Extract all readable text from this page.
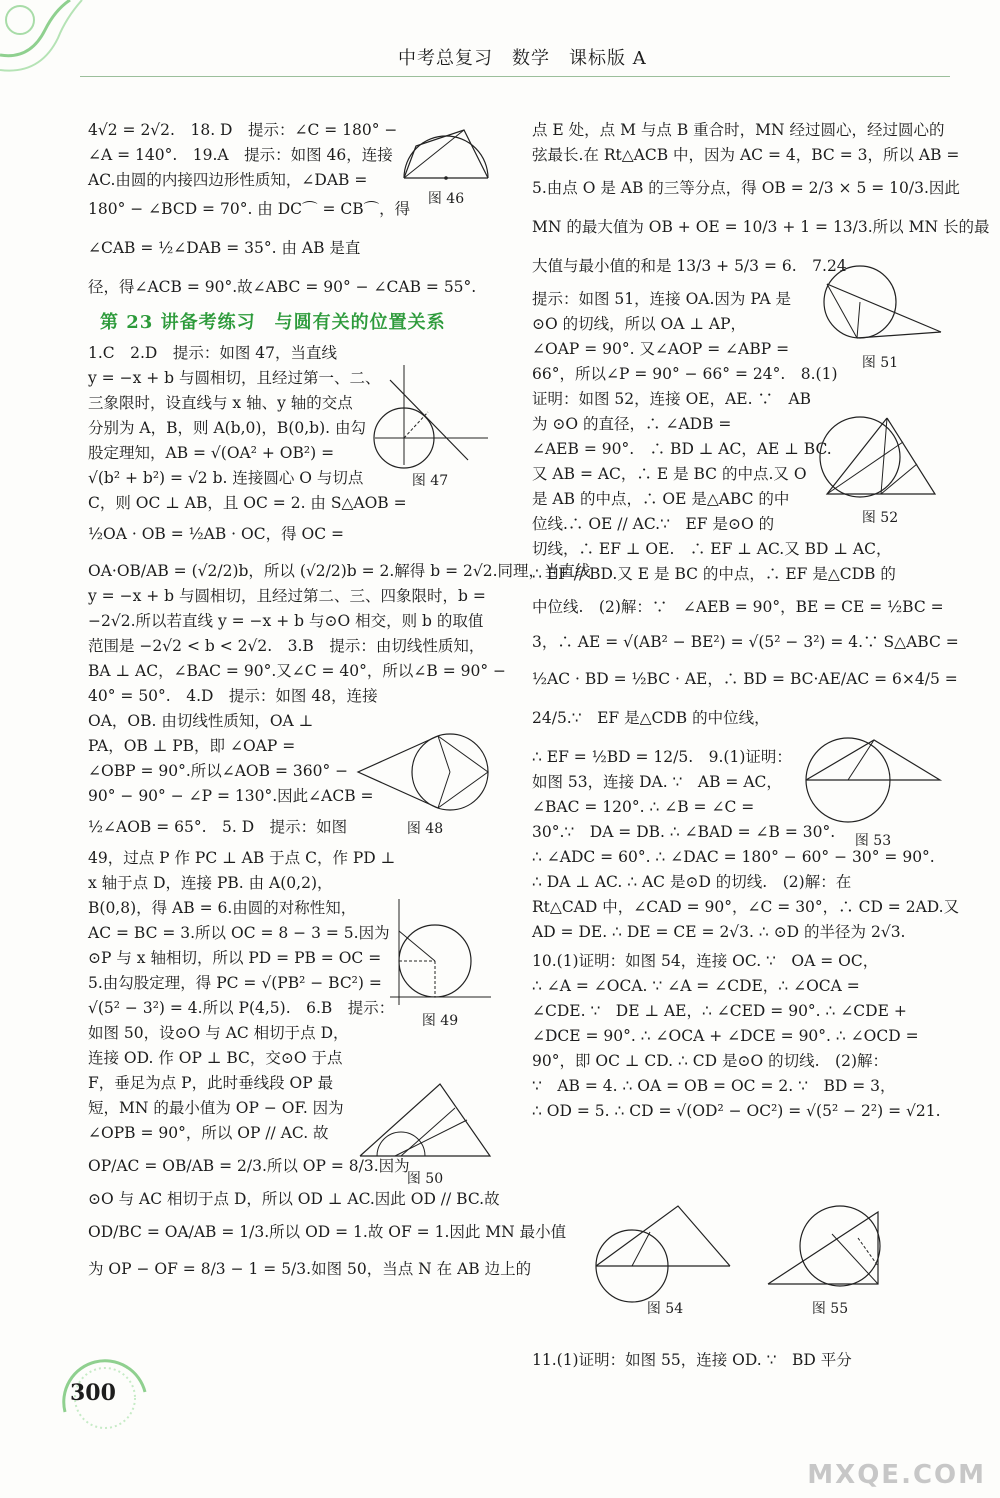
中考总复习　数学　课标版 A

4√2 = 2√2.　18. D　提示：∠C = 180° −

∠A = 140°.　19.A　提示：如图 46，连接

AC.由圆的内接四边形性质知，∠DAB =

180° − ∠BCD = 70°. 由 DC⌒ = CB⌒，得

∠CAB = ½∠DAB = 35°. 由 AB 是直

径，得∠ACB = 90°.故∠ABC = 90° − ∠CAB = 55°.

第 23 讲备考练习　与圆有关的位置关系

1.C　2.D　提示：如图 47，当直线

y = −x + b 与圆相切，且经过第一、二、

三象限时，设直线与 x 轴、y 轴的交点

分别为 A，B，则 A(b,0)，B(0,b). 由勾

股定理知，AB = √(OA² + OB²) =

√(b² + b²) = √2 b. 连接圆心 O 与切点

C，则 OC ⊥ AB，且 OC = 2. 由 S△AOB =

½OA · OB = ½AB · OC，得 OC =

OA·OB/AB = (√2/2)b，所以 (√2/2)b = 2.解得 b = 2√2.同理，当直线

y = −x + b 与圆相切，且经过第二、三、四象限时，b =

−2√2.所以若直线 y = −x + b 与⊙O 相交，则 b 的取值

范围是 −2√2 < b < 2√2.　3.B　提示：由切线性质知，

BA ⊥ AC，∠BAC = 90°.又∠C = 40°，所以∠B = 90° −

40° = 50°.　4.D　提示：如图 48，连接

OA，OB. 由切线性质知，OA ⊥

PA，OB ⊥ PB，即 ∠OAP =

∠OBP = 90°.所以∠AOB = 360° −

90° − 90° − ∠P = 130°.因此∠ACB =

½∠AOB = 65°.　5. D　提示：如图

49，过点 P 作 PC ⊥ AB 于点 C，作 PD ⊥

x 轴于点 D，连接 PB. 由 A(0,2)，

B(0,8)，得 AB = 6.由圆的对称性知，

AC = BC = 3.所以 OC = 8 − 3 = 5.因为

⊙P 与 x 轴相切，所以 PD = PB = OC =

5.由勾股定理，得 PC = √(PB² − BC²) =

√(5² − 3²) = 4.所以 P(4,5).　6.B　提示：

如图 50，设⊙O 与 AC 相切于点 D，

连接 OD. 作 OP ⊥ BC，交⊙O 于点

F，垂足为点 P，此时垂线段 OP 最

短，MN 的最小值为 OP − OF. 因为

∠OPB = 90°，所以 OP // AC. 故

OP/AC = OB/AB = 2/3.所以 OP = 8/3.因为

⊙O 与 AC 相切于点 D，所以 OD ⊥ AC.因此 OD // BC.故

OD/BC = OA/AB = 1/3.所以 OD = 1.故 OF = 1.因此 MN 最小值

为 OP − OF = 8/3 − 1 = 5/3.如图 50，当点 N 在 AB 边上的

点 E 处，点 M 与点 B 重合时，MN 经过圆心，经过圆心的

弦最长.在 Rt△ACB 中，因为 AC = 4，BC = 3，所以 AB =

5.由点 O 是 AB 的三等分点，得 OB = 2/3 × 5 = 10/3.因此

MN 的最大值为 OB + OE = 10/3 + 1 = 13/3.所以 MN 长的最

大值与最小值的和是 13/3 + 5/3 = 6.　7.24

提示：如图 51，连接 OA.因为 PA 是

⊙O 的切线，所以 OA ⊥ AP，

∠OAP = 90°. 又∠AOP = ∠ABP =

66°，所以∠P = 90° − 66° = 24°.　8.(1)

证明：如图 52，连接 OE，AE. ∵　AB

为 ⊙O 的直径，∴ ∠ADB =

∠AEB = 90°.　∴ BD ⊥ AC，AE ⊥ BC.

又 AB = AC，∴ E 是 BC 的中点.又 O

是 AB 的中点，∴ OE 是△ABC 的中

位线.∴ OE // AC.∵　EF 是⊙O 的

切线，∴ EF ⊥ OE.　∴ EF ⊥ AC.又 BD ⊥ AC，

∴ EF // BD.又 E 是 BC 的中点，∴ EF 是△CDB 的

中位线.　(2)解：∵　∠AEB = 90°，BE = CE = ½BC =

3，∴ AE = √(AB² − BE²) = √(5² − 3²) = 4.∵ S△ABC =

½AC · BD = ½BC · AE，∴ BD = BC·AE/AC = 6×4/5 =

24/5.∵　EF 是△CDB 的中位线，

∴ EF = ½BD = 12/5.　9.(1)证明：

如图 53，连接 DA. ∵　AB = AC，

∠BAC = 120°. ∴ ∠B = ∠C =

30°.∵　DA = DB. ∴ ∠BAD = ∠B = 30°.

∴ ∠ADC = 60°. ∴ ∠DAC = 180° − 60° − 30° = 90°.

∴ DA ⊥ AC. ∴ AC 是⊙D 的切线.　(2)解：在

Rt△CAD 中，∠CAD = 90°，∠C = 30°，∴ CD = 2AD.又

AD = DE. ∴ DE = CE = 2√3. ∴ ⊙D 的半径为 2√3.

10.(1)证明：如图 54，连接 OC. ∵　OA = OC，

∴ ∠A = ∠OCA. ∵ ∠A = ∠CDE，∴ ∠OCA =

∠CDE. ∵　DE ⊥ AE，∴ ∠CED = 90°. ∴ ∠CDE +

∠DCE = 90°. ∴ ∠OCA + ∠DCE = 90°. ∴ ∠OCD =

90°，即 OC ⊥ CD. ∴ CD 是⊙O 的切线.　(2)解：

∵　AB = 4. ∴ OA = OB = OC = 2. ∵　BD = 3，

∴ OD = 5. ∴ CD = √(OD² − OC²) = √(5² − 2²) = √21.

11.(1)证明：如图 55，连接 OD. ∵　BD 平分

图 46
图 47
图 48
图 49
图 50
图 51
图 52
图 53
图 54	图 55
300
MXQE.COM
